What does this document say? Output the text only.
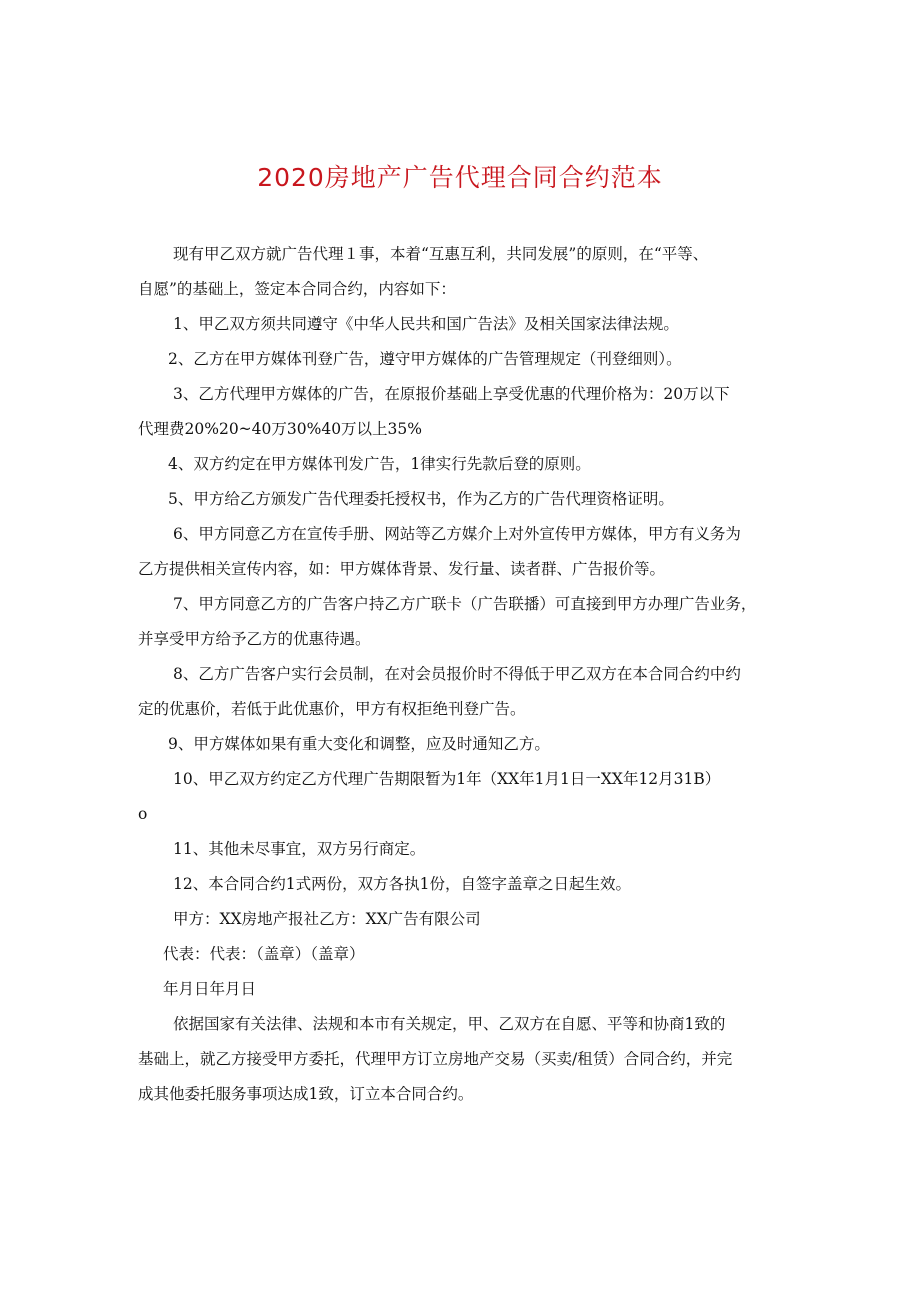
2020房地产广告代理合同合约范本

现有甲乙双方就广告代理１事，本着“互惠互利，共同发展”的原则，在“平等、
自愿”的基础上，签定本合同合约，内容如下：

1、甲乙双方须共同遵守《中华人民共和国广告法》及相关国家法律法规。

2、乙方在甲方媒体刊登广告，遵守甲方媒体的广告管理规定（刊登细则）。

3、乙方代理甲方媒体的广告，在原报价基础上享受优惠的代理价格为：20万以下
代理费20%20~40万30%40万以上35%

4、双方约定在甲方媒体刊发广告，1律实行先款后登的原则。

5、甲方给乙方颁发广告代理委托授权书，作为乙方的广告代理资格证明。

6、甲方同意乙方在宣传手册、网站等乙方媒介上对外宣传甲方媒体，甲方有义务为
乙方提供相关宣传内容，如：甲方媒体背景、发行量、读者群、广告报价等。

7、甲方同意乙方的广告客户持乙方广联卡（广告联播）可直接到甲方办理广告业务，
并享受甲方给予乙方的优惠待遇。

8、乙方广告客户实行会员制，在对会员报价时不得低于甲乙双方在本合同合约中约
定的优惠价，若低于此优惠价，甲方有权拒绝刊登广告。

9、甲方媒体如果有重大变化和调整，应及时通知乙方。

10、甲乙双方约定乙方代理广告期限暂为1年（XX年1月1日一XX年12月31B）
o

11、其他未尽事宜，双方另行商定。

12、本合同合约1式两份，双方各执1份，自签字盖章之日起生效。

甲方：XX房地产报社乙方：XX广告有限公司

代表：代表：（盖章）（盖章）

年月日年月日

依据国家有关法律、法规和本市有关规定，甲、乙双方在自愿、平等和协商1致的
基础上，就乙方接受甲方委托，代理甲方订立房地产交易（买卖/租赁）合同合约，并完
成其他委托服务事项达成1致，订立本合同合约。
